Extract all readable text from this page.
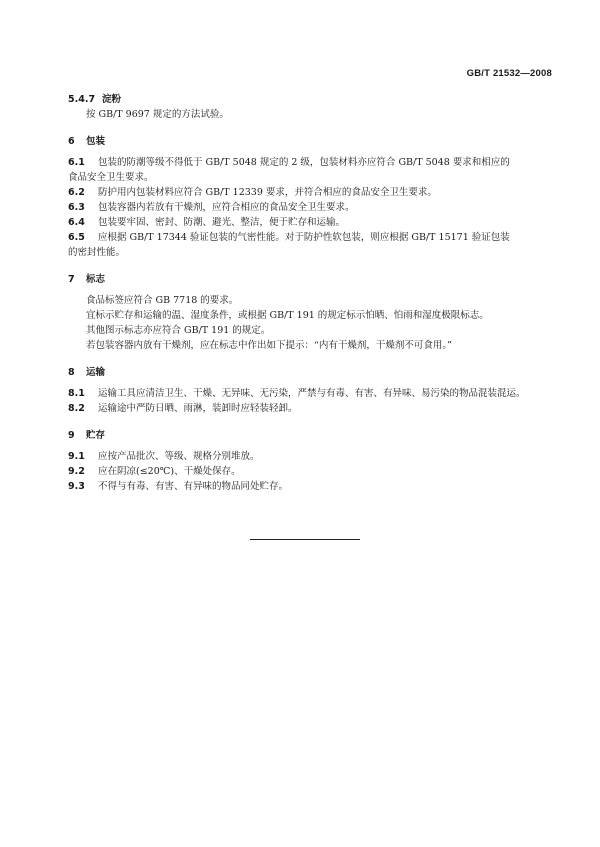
GB/T 21532—2008
5.4.7 淀粉

按 GB/T 9697 规定的方法试验。

6 包装

6.1 包装的防潮等级不得低于 GB/T 5048 规定的 2 级，包装材料亦应符合 GB/T 5048 要求和相应的

食品安全卫生要求。

6.2 防护用内包装材料应符合 GB/T 12339 要求，并符合相应的食品安全卫生要求。

6.3 包装容器内若放有干燥剂，应符合相应的食品安全卫生要求。

6.4 包装要牢固、密封、防潮、避光、整洁，便于贮存和运输。

6.5 应根据 GB/T 17344 验证包装的气密性能。对于防护性软包装，则应根据 GB/T 15171 验证包装

的密封性能。

7 标志

食品标签应符合 GB 7718 的要求。

宜标示贮存和运输的温、湿度条件，或根据 GB/T 191 的规定标示怕晒、怕雨和湿度极限标志。

其他图示标志亦应符合 GB/T 191 的规定。

若包装容器内放有干燥剂，应在标志中作出如下提示：“内有干燥剂，干燥剂不可食用。”

8 运输

8.1 运输工具应清洁卫生、干燥、无异味、无污染，严禁与有毒、有害、有异味、易污染的物品混装混运。

8.2 运输途中严防日晒、雨淋，装卸时应轻装轻卸。

9 贮存

9.1 应按产品批次、等级、规格分别堆放。

9.2 应在阴凉(≤20℃)、干燥处保存。

9.3 不得与有毒、有害、有异味的物品同处贮存。
